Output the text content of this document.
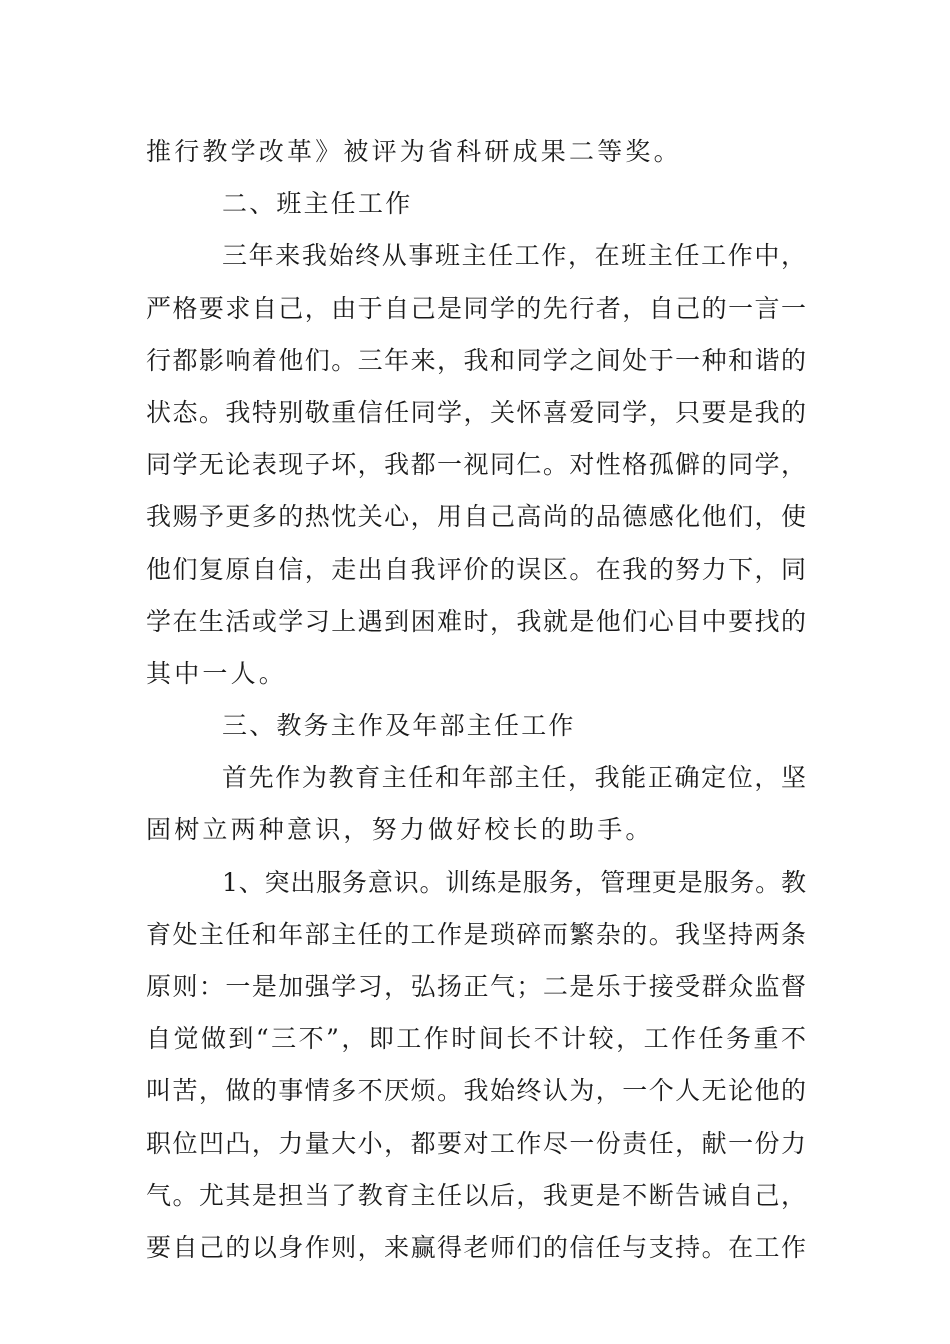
推行教学改革》被评为省科研成果二等奖。
二、班主任工作
三年来我始终从事班主任工作，在班主任工作中，
严格要求自己，由于自己是同学的先行者，自己的一言一
行都影响着他们。三年来，我和同学之间处于一种和谐的
状态。我特别敬重信任同学，关怀喜爱同学，只要是我的
同学无论表现子坏，我都一视同仁。对性格孤僻的同学，
我赐予更多的热忱关心，用自己高尚的品德感化他们，使
他们复原自信，走出自我评价的误区。在我的努力下，同
学在生活或学习上遇到困难时，我就是他们心目中要找的
其中一人。
三、教务主作及年部主任工作
首先作为教育主任和年部主任，我能正确定位，坚
固树立两种意识，努力做好校长的助手。
1、突出服务意识。训练是服务，管理更是服务。教
育处主任和年部主任的工作是琐碎而繁杂的。我坚持两条
原则：一是加强学习，弘扬正气；二是乐于接受群众监督
自觉做到“三不”，即工作时间长不计较，工作任务重不
叫苦，做的事情多不厌烦。我始终认为，一个人无论他的
职位凹凸，力量大小，都要对工作尽一份责任，献一份力
气。尤其是担当了教育主任以后，我更是不断告诫自己，
要自己的以身作则，来赢得老师们的信任与支持。在工作
